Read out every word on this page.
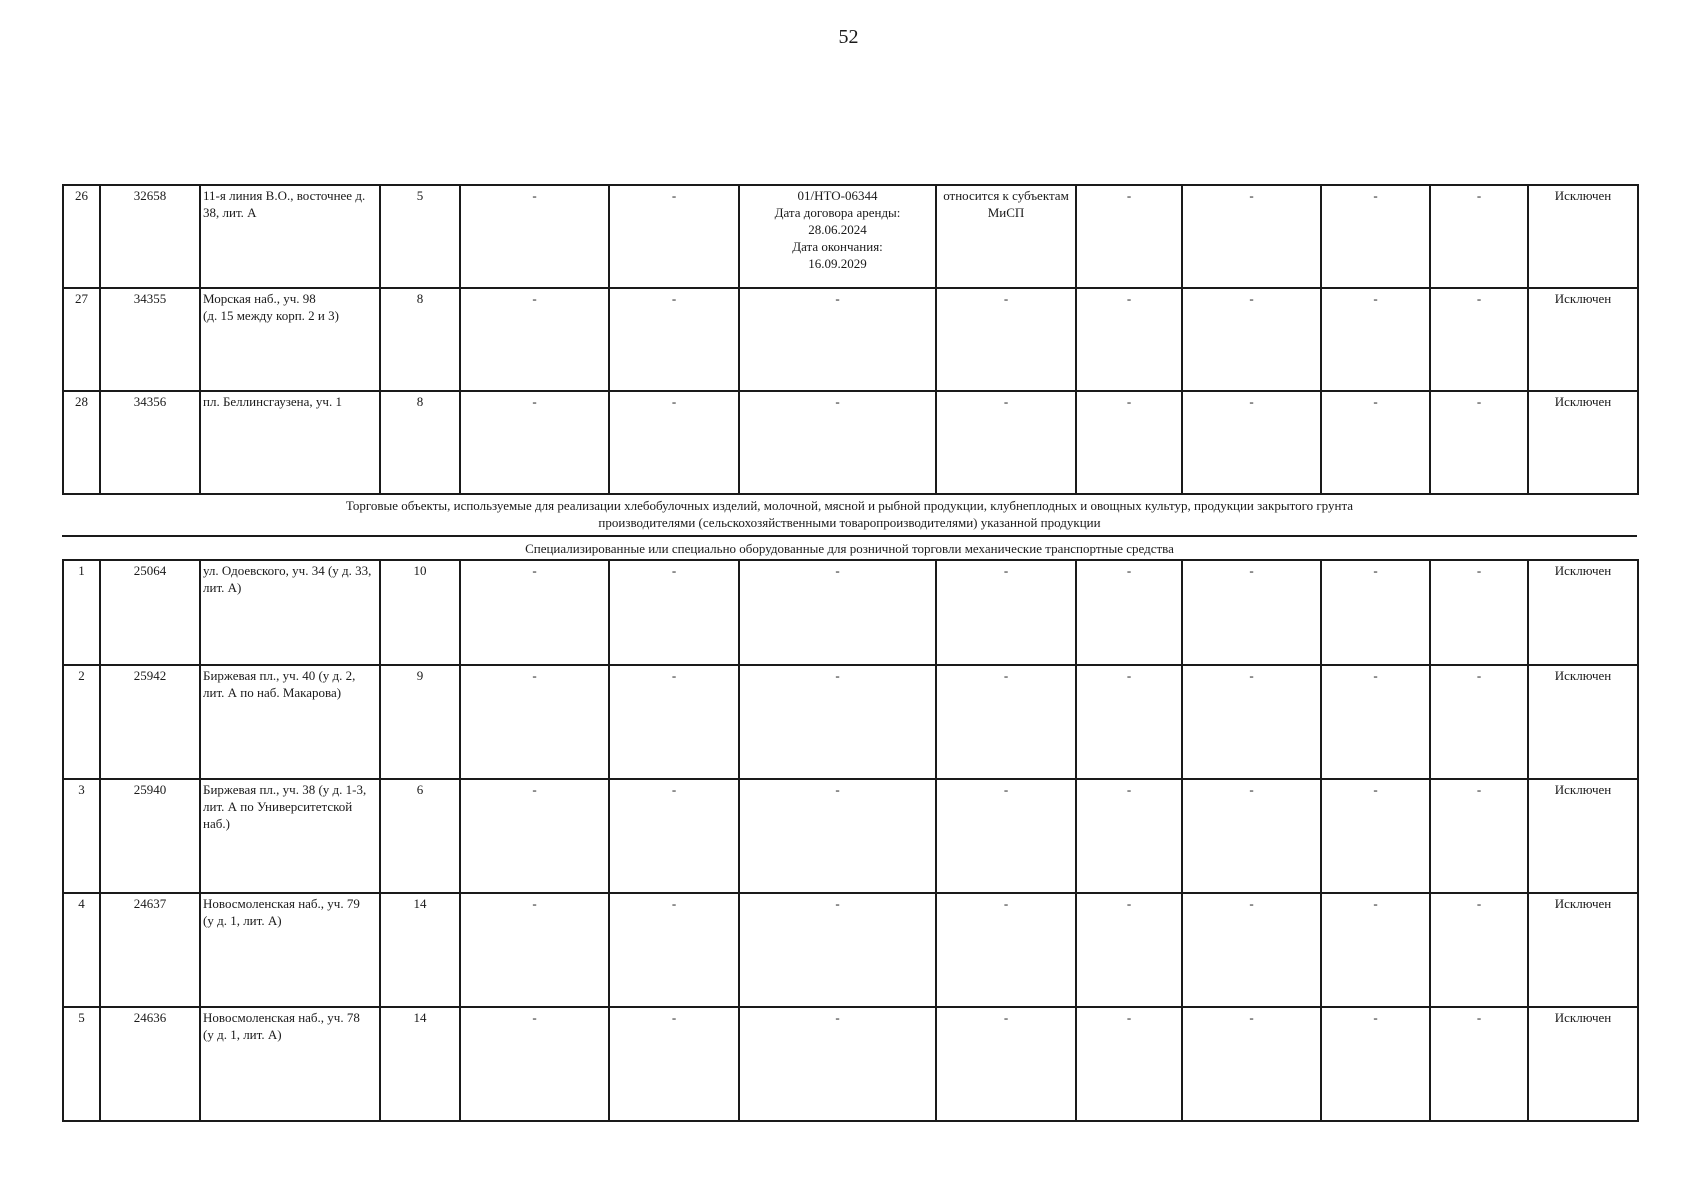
52
26	32658	11-я линия В.О., восточнее д. 38, лит. А	5	-	-	01/НТО-06344
Дата договора аренды:
28.06.2024
Дата окончания:
16.09.2029	относится к субъектам МиСП	-	-	-	-	Исключен
27	34355	Морская наб., уч. 98
(д. 15 между корп. 2 и 3)	8	-	-	-	-	-	-	-	-	Исключен
28	34356	пл. Беллинсгаузена, уч. 1	8	-	-	-	-	-	-	-	-	Исключен
Торговые объекты, используемые для реализации хлебобулочных изделий, молочной, мясной и рыбной продукции, клубнеплодных и овощных культур, продукции закрытого грунта
производителями (сельскохозяйственными товаропроизводителями) указанной продукции
Специализированные или специально оборудованные для розничной торговли механические транспортные средства
1	25064	ул. Одоевского, уч. 34 (у д. 33, лит. А)	10	-	-	-	-	-	-	-	-	Исключен
2	25942	Биржевая пл., уч. 40 (у д. 2, лит. А по наб. Макарова)	9	-	-	-	-	-	-	-	-	Исключен
3	25940	Биржевая пл., уч. 38 (у д. 1-3, лит. А по Университетской наб.)	6	-	-	-	-	-	-	-	-	Исключен
4	24637	Новосмоленская наб., уч. 79
(у д. 1, лит. А)	14	-	-	-	-	-	-	-	-	Исключен
5	24636	Новосмоленская наб., уч. 78
(у д. 1, лит. А)	14	-	-	-	-	-	-	-	-	Исключен
